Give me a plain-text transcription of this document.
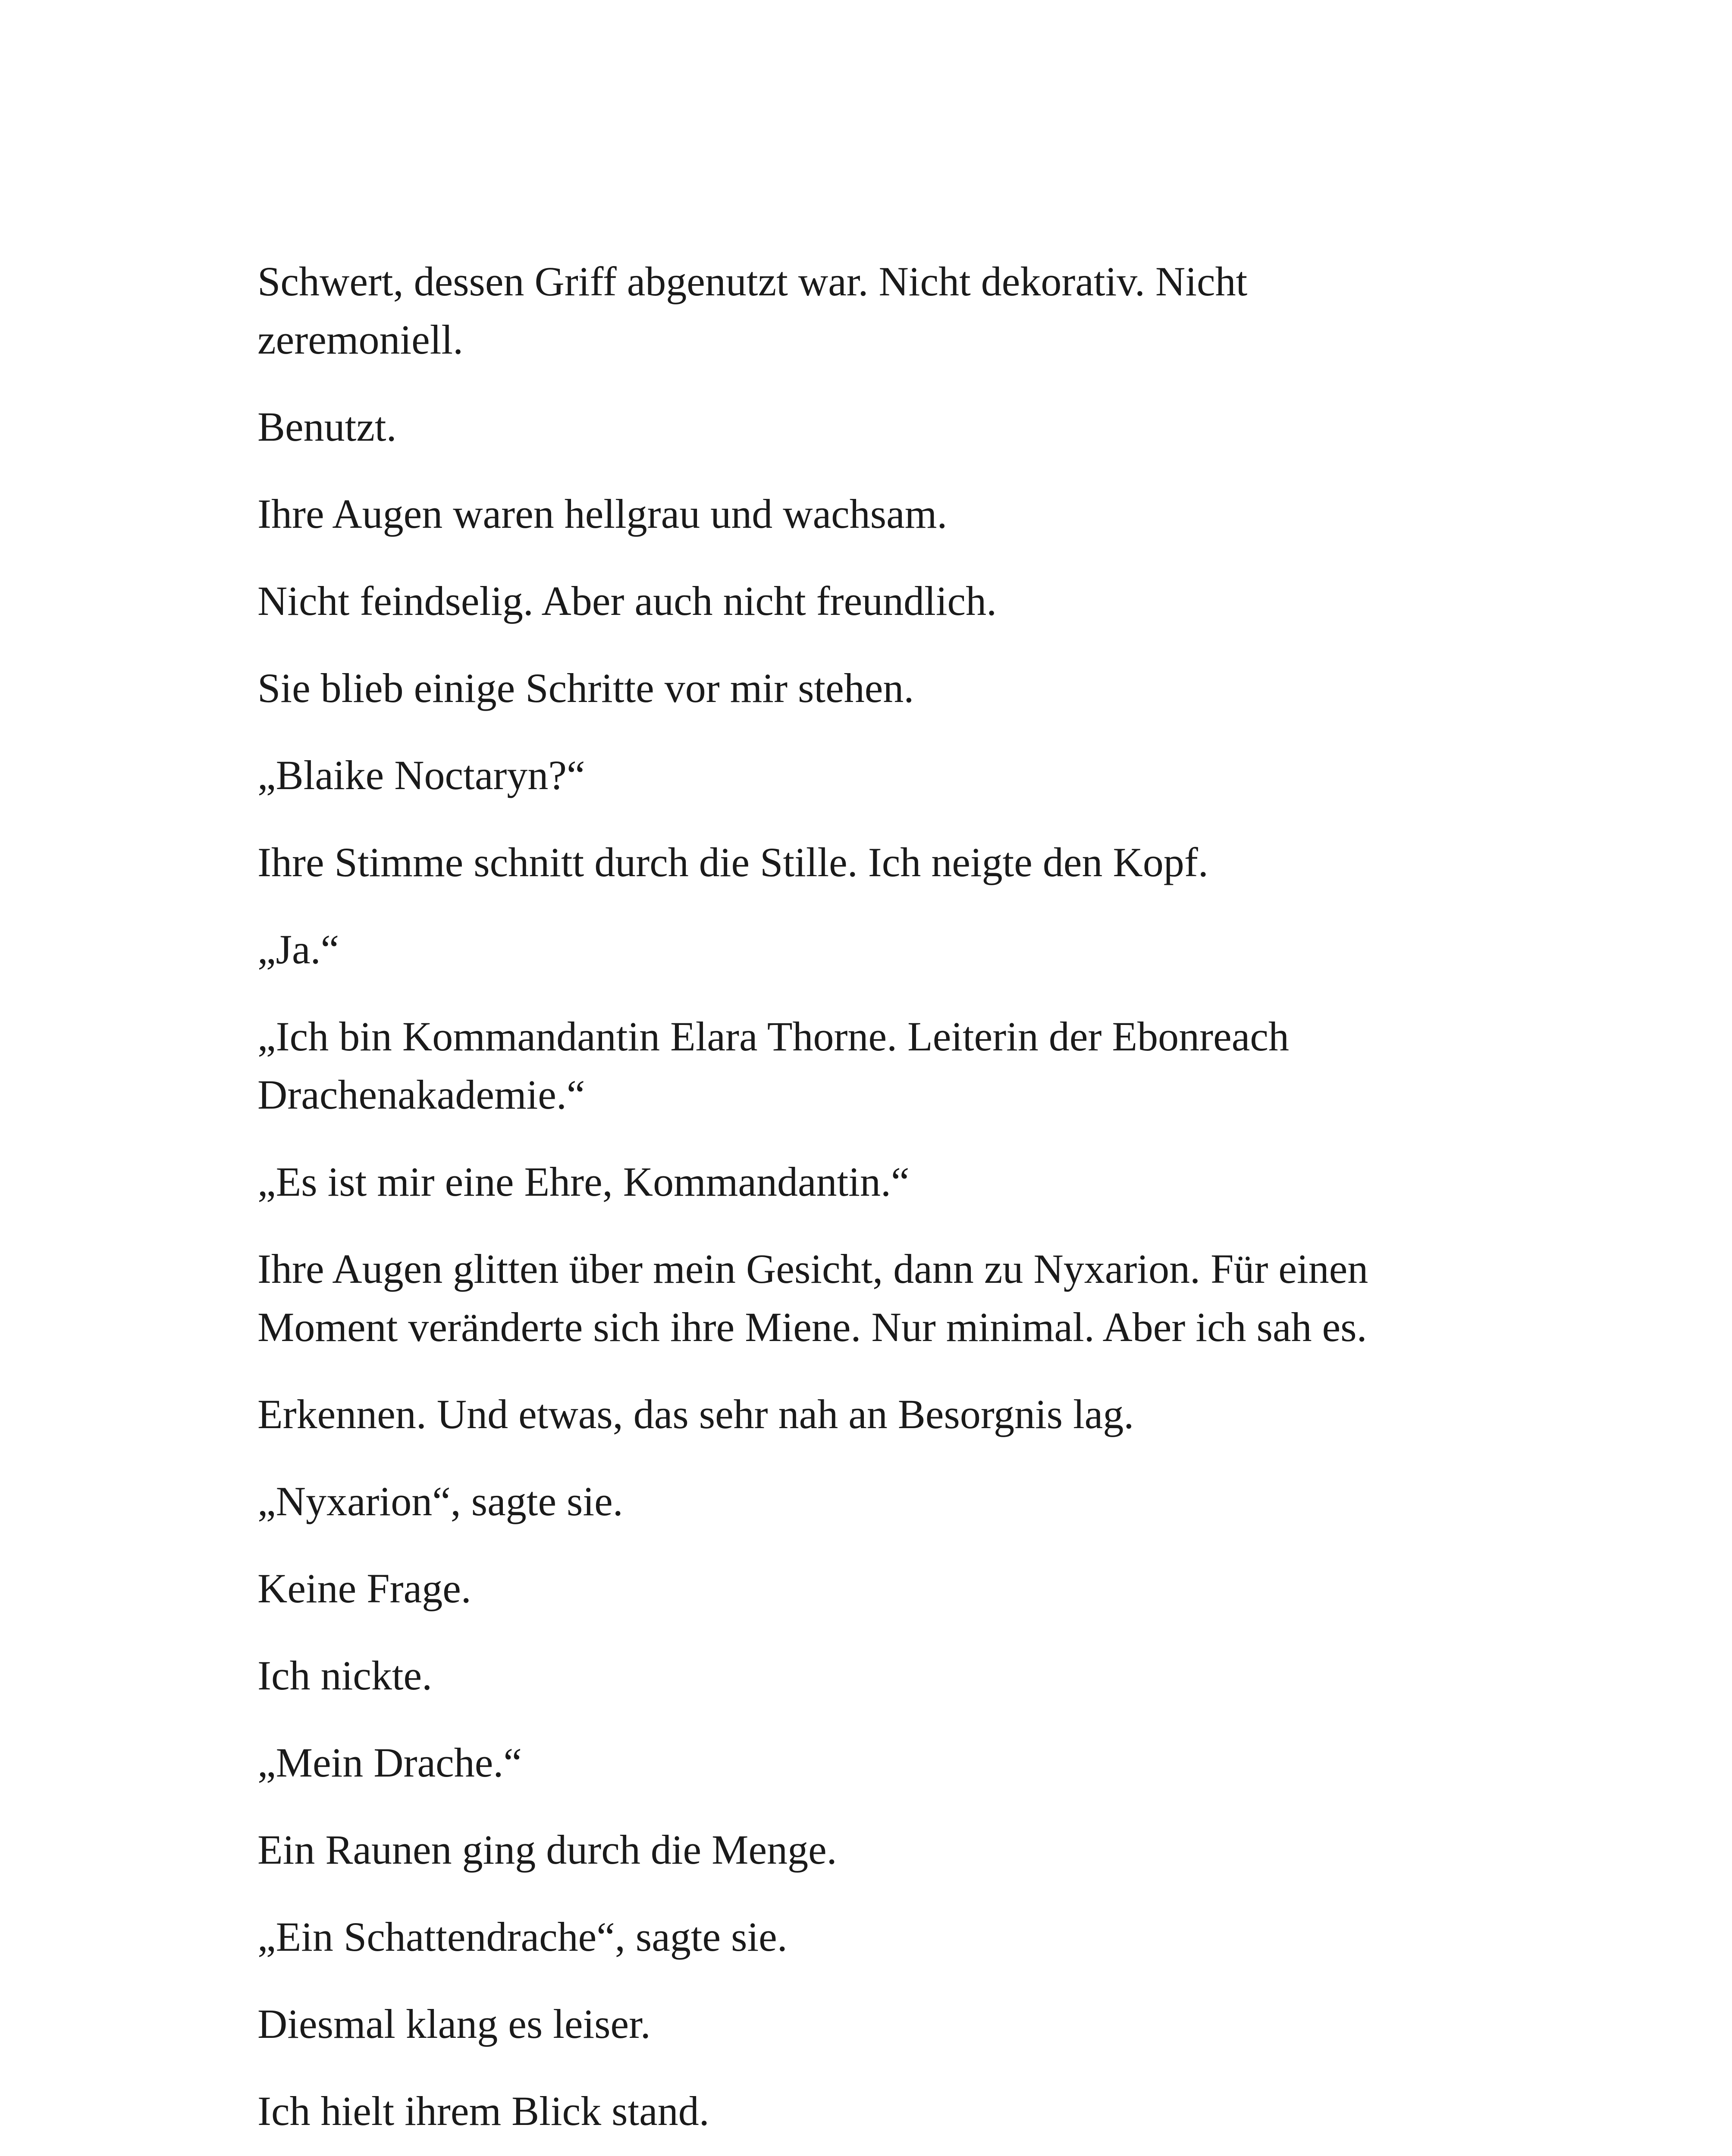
Schwert, dessen Griff abgenutzt war. Nicht dekorativ. Nicht
zeremoniell.

Benutzt.

Ihre Augen waren hellgrau und wachsam.

Nicht feindselig. Aber auch nicht freundlich.

Sie blieb einige Schritte vor mir stehen.

„Blaike Noctaryn?“

Ihre Stimme schnitt durch die Stille. Ich neigte den Kopf.

„Ja.“

„Ich bin Kommandantin Elara Thorne. Leiterin der Ebonreach
Drachenakademie.“

„Es ist mir eine Ehre, Kommandantin.“

Ihre Augen glitten über mein Gesicht, dann zu Nyxarion. Für einen
Moment veränderte sich ihre Miene. Nur minimal. Aber ich sah es.

Erkennen. Und etwas, das sehr nah an Besorgnis lag.

„Nyxarion“, sagte sie.

Keine Frage.

Ich nickte.

„Mein Drache.“

Ein Raunen ging durch die Menge.

„Ein Schattendrache“, sagte sie.

Diesmal klang es leiser.

Ich hielt ihrem Blick stand.
